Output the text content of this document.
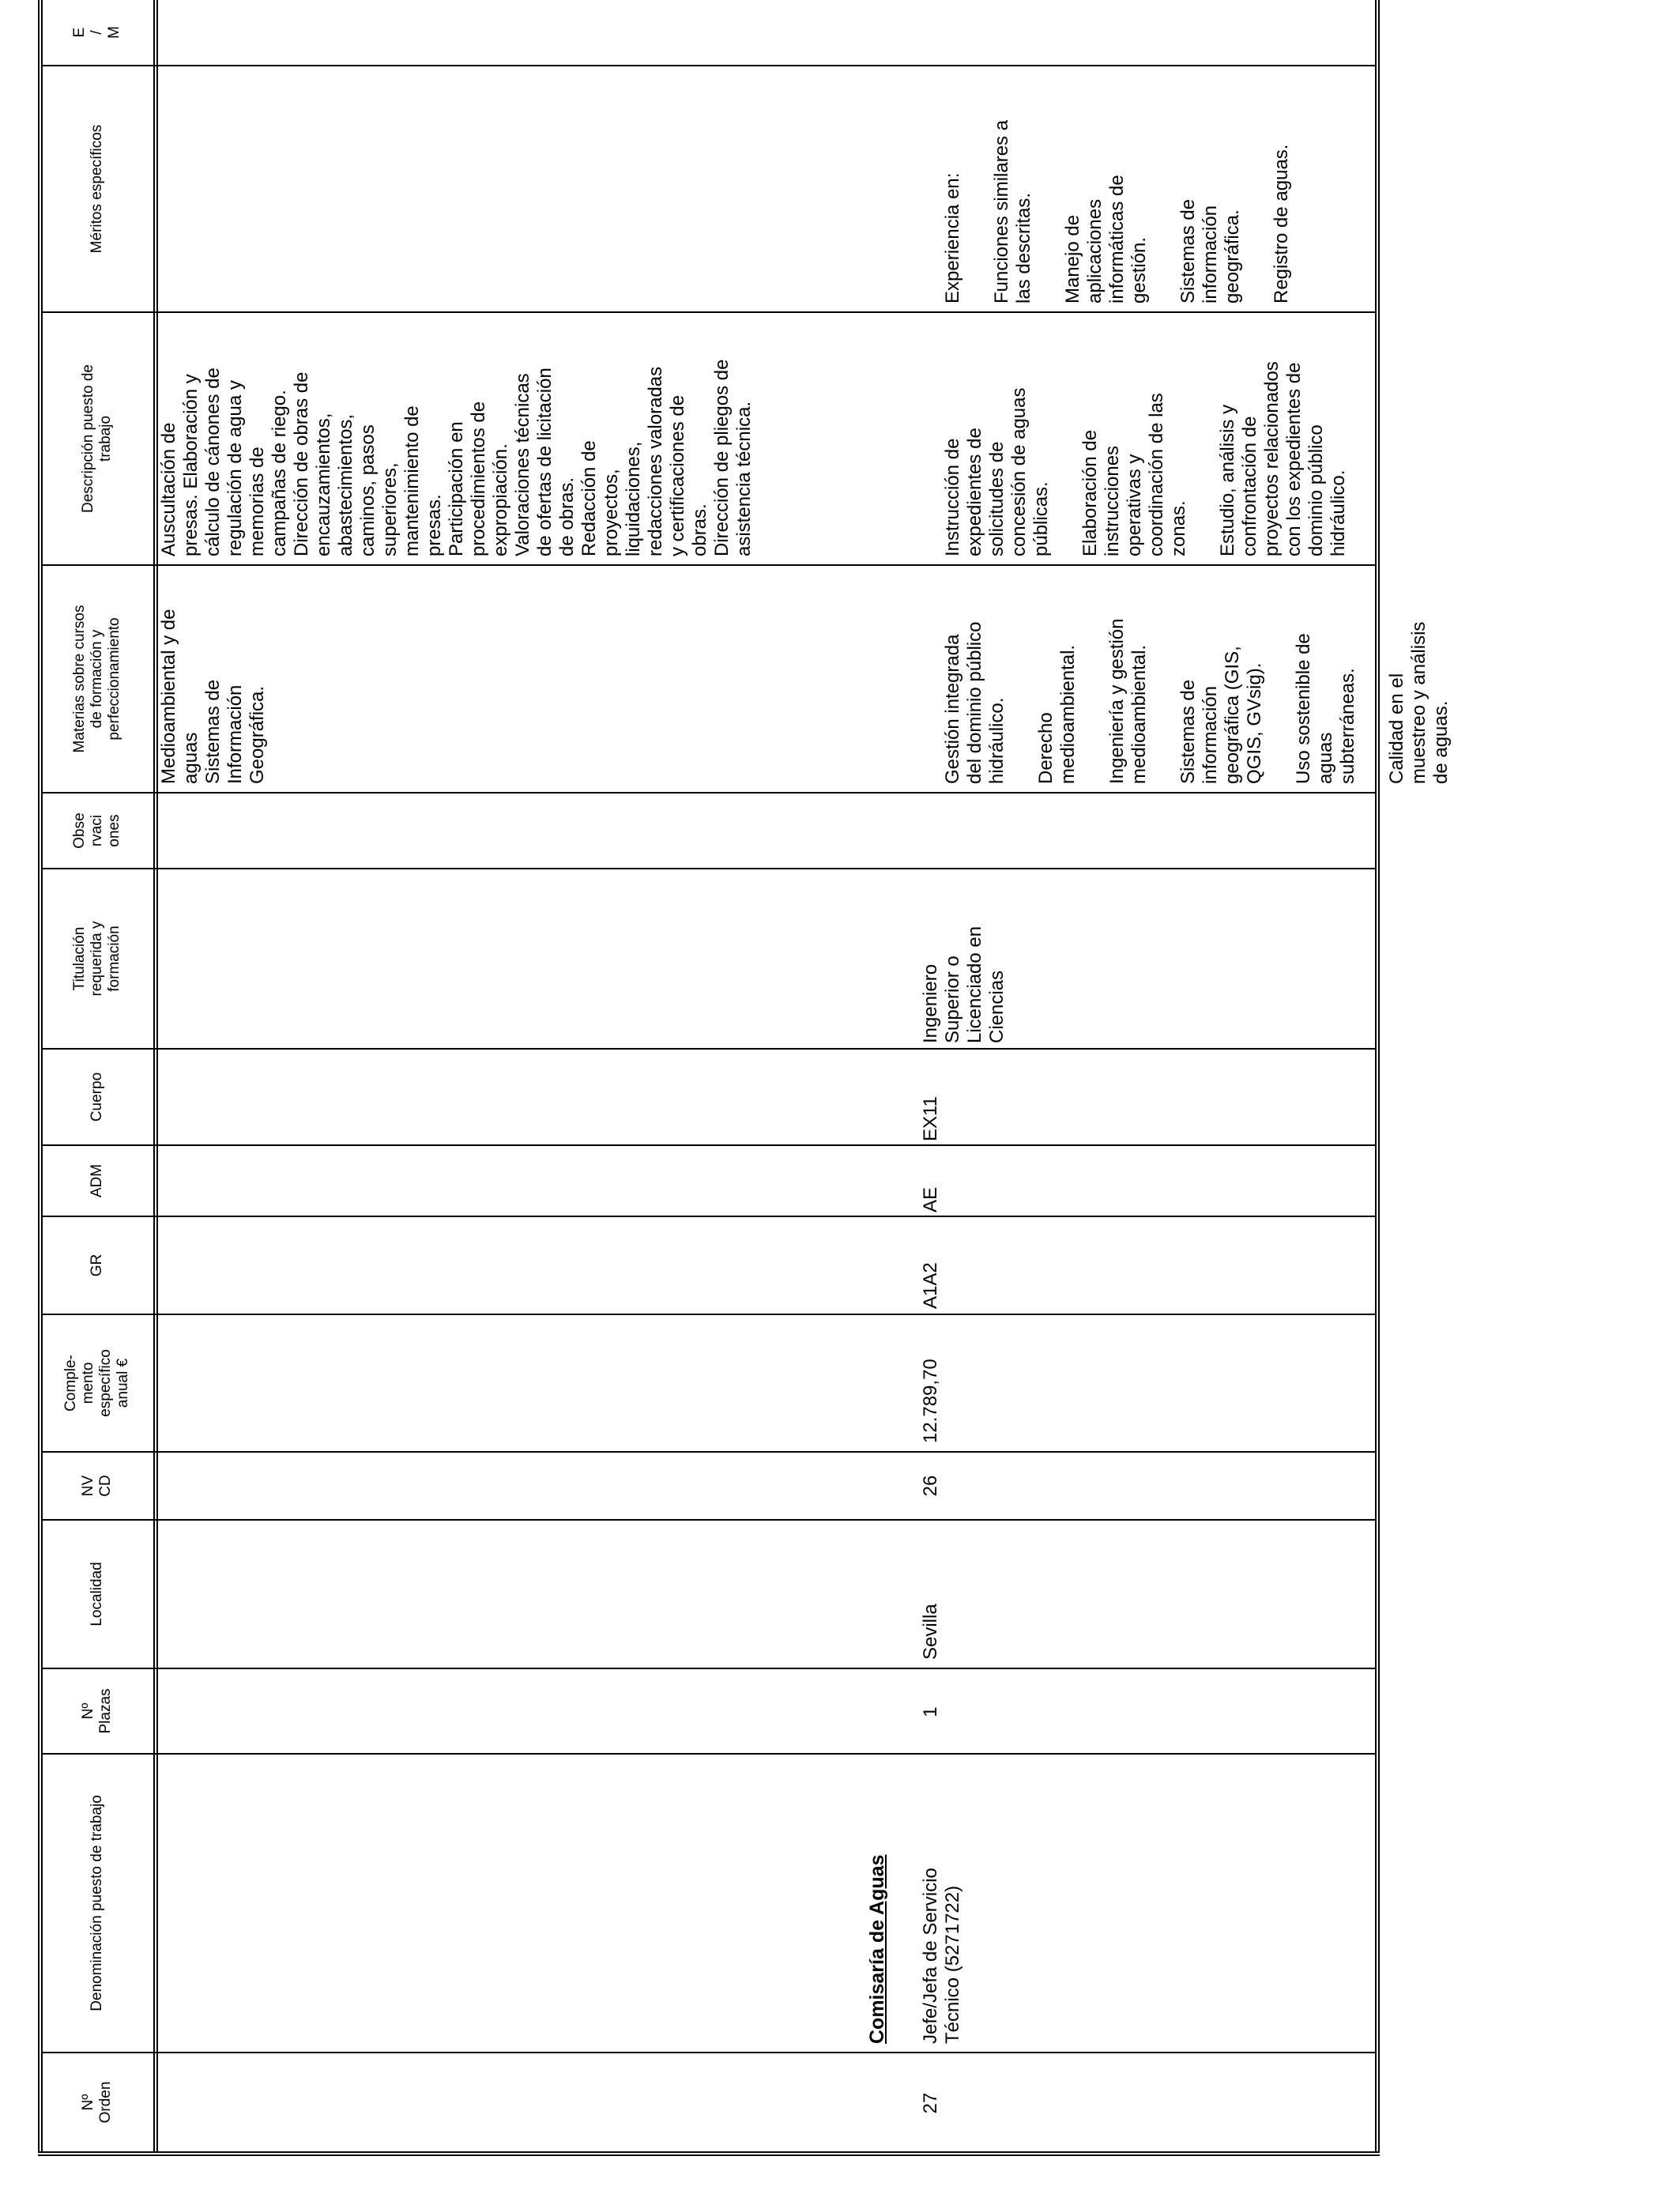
Nº
Orden
Denominación puesto de trabajo
Nº
Plazas
Localidad
NV
CD
Comple-
mento
específico
anual €
GR
ADM
Cuerpo
Titulación
requerida y
formación
Obse
rvaci
ones
Materias sobre cursos
de formación y
perfeccionamiento
Descripción puesto de
trabajo
Méritos específicos
E
/
M
Medioambiental y de
aguas
Sistemas de
Información
Geográfica.
Auscultación de
presas. Elaboración y
cálculo de cánones de
regulación de agua y
memorias de
campañas de riego.
Dirección de obras de
encauzamientos,
abastecimientos,
caminos, pasos
superiores,
mantenimiento de
presas.
Participación en
procedimientos de
expropiación.
Valoraciones técnicas
de ofertas de licitación
de obras.
Redacción de
proyectos,
liquidaciones,
redacciones valoradas
y certificaciones de
obras.
Dirección de pliegos de
asistencia técnica.
Comisaría de Aguas
27
Jefe/Jefa de Servicio
Técnico (5271722)
1
Sevilla
26
12.789,70
A1A2
AE
EX11
Ingeniero
Superior o
Licenciado en
Ciencias

Gestión integrada
del dominio público
hidráulico. Derecho
medioambiental. Ingeniería y gestión
medioambiental. Sistemas de
información
geográfica (GIS,
QGIS, GVsig).

Uso sostenible de
aguas
subterráneas. Calidad en el
muestreo y análisis
de aguas.

Instrucción de
expedientes de
solicitudes de
concesión de aguas
públicas. Elaboración de
instrucciones
operativas y
coordinación de las
zonas. Estudio, análisis y
confrontación de
proyectos relacionados
con los expedientes de
dominio público
hidráulico.

Experiencia en: Funciones similares a
las descritas. Manejo de
aplicaciones
informáticas de
gestión. Sistemas de
información
geográfica. Registro de aguas.
